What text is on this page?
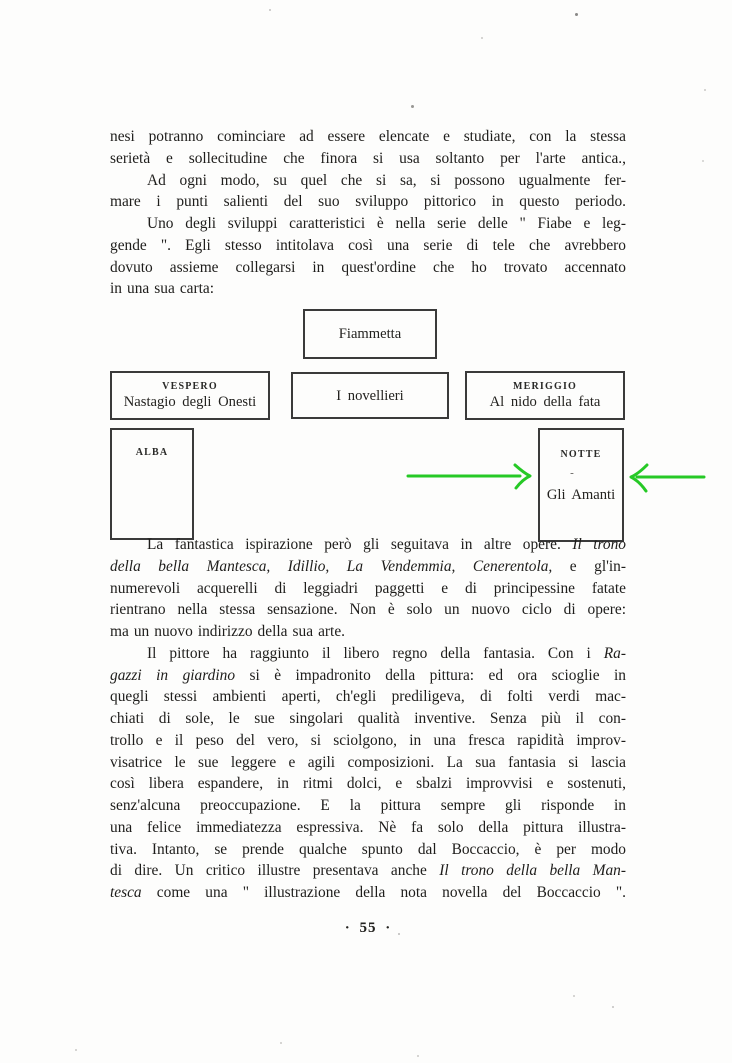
nesi potranno cominciare ad essere elencate e studiate, con la stessa
serietà e sollecitudine che finora si usa soltanto per l'arte antica.,
Ad ogni modo, su quel che si sa, si possono ugualmente fer-
mare i punti salienti del suo sviluppo pittorico in questo periodo.
Uno degli sviluppi caratteristici è nella serie delle " Fiabe e leg-
gende ". Egli stesso intitolava così una serie di tele che avrebbero
dovuto assieme collegarsi in quest'ordine che ho trovato accennato
in una sua carta:
Fiammetta
VESPERO
Nastagio degli Onesti	I novellieri
MERIGGIO
Al nido della fata
ALBA	NOTTE
-
Gli Amanti
La fantastica ispirazione però gli seguitava in altre opere. Il trono
della bella Mantesca, Idillio, La Vendemmia, Cenerentola, e gl'in-
numerevoli acquerelli di leggiadri paggetti e di principessine fatate
rientrano nella stessa sensazione. Non è solo un nuovo ciclo di opere:
ma un nuovo indirizzo della sua arte.
Il pittore ha raggiunto il libero regno della fantasia. Con i Ra-
gazzi in giardino si è impadronito della pittura: ed ora scioglie in
quegli stessi ambienti aperti, ch'egli prediligeva, di folti verdi mac-
chiati di sole, le sue singolari qualità inventive. Senza più il con-
trollo e il peso del vero, si sciolgono, in una fresca rapidità improv-
visatrice le sue leggere e agili composizioni. La sua fantasia si lascia
così libera espandere, in ritmi dolci, e sbalzi improvvisi e sostenuti,
senz'alcuna preoccupazione. E la pittura sempre gli risponde in
una felice immediatezza espressiva. Nè fa solo della pittura illustra-
tiva. Intanto, se prende qualche spunto dal Boccaccio, è per modo
di dire. Un critico illustre presentava anche Il trono della bella Man-
tesca come una " illustrazione della nota novella del Boccaccio ".
· 55 ·
